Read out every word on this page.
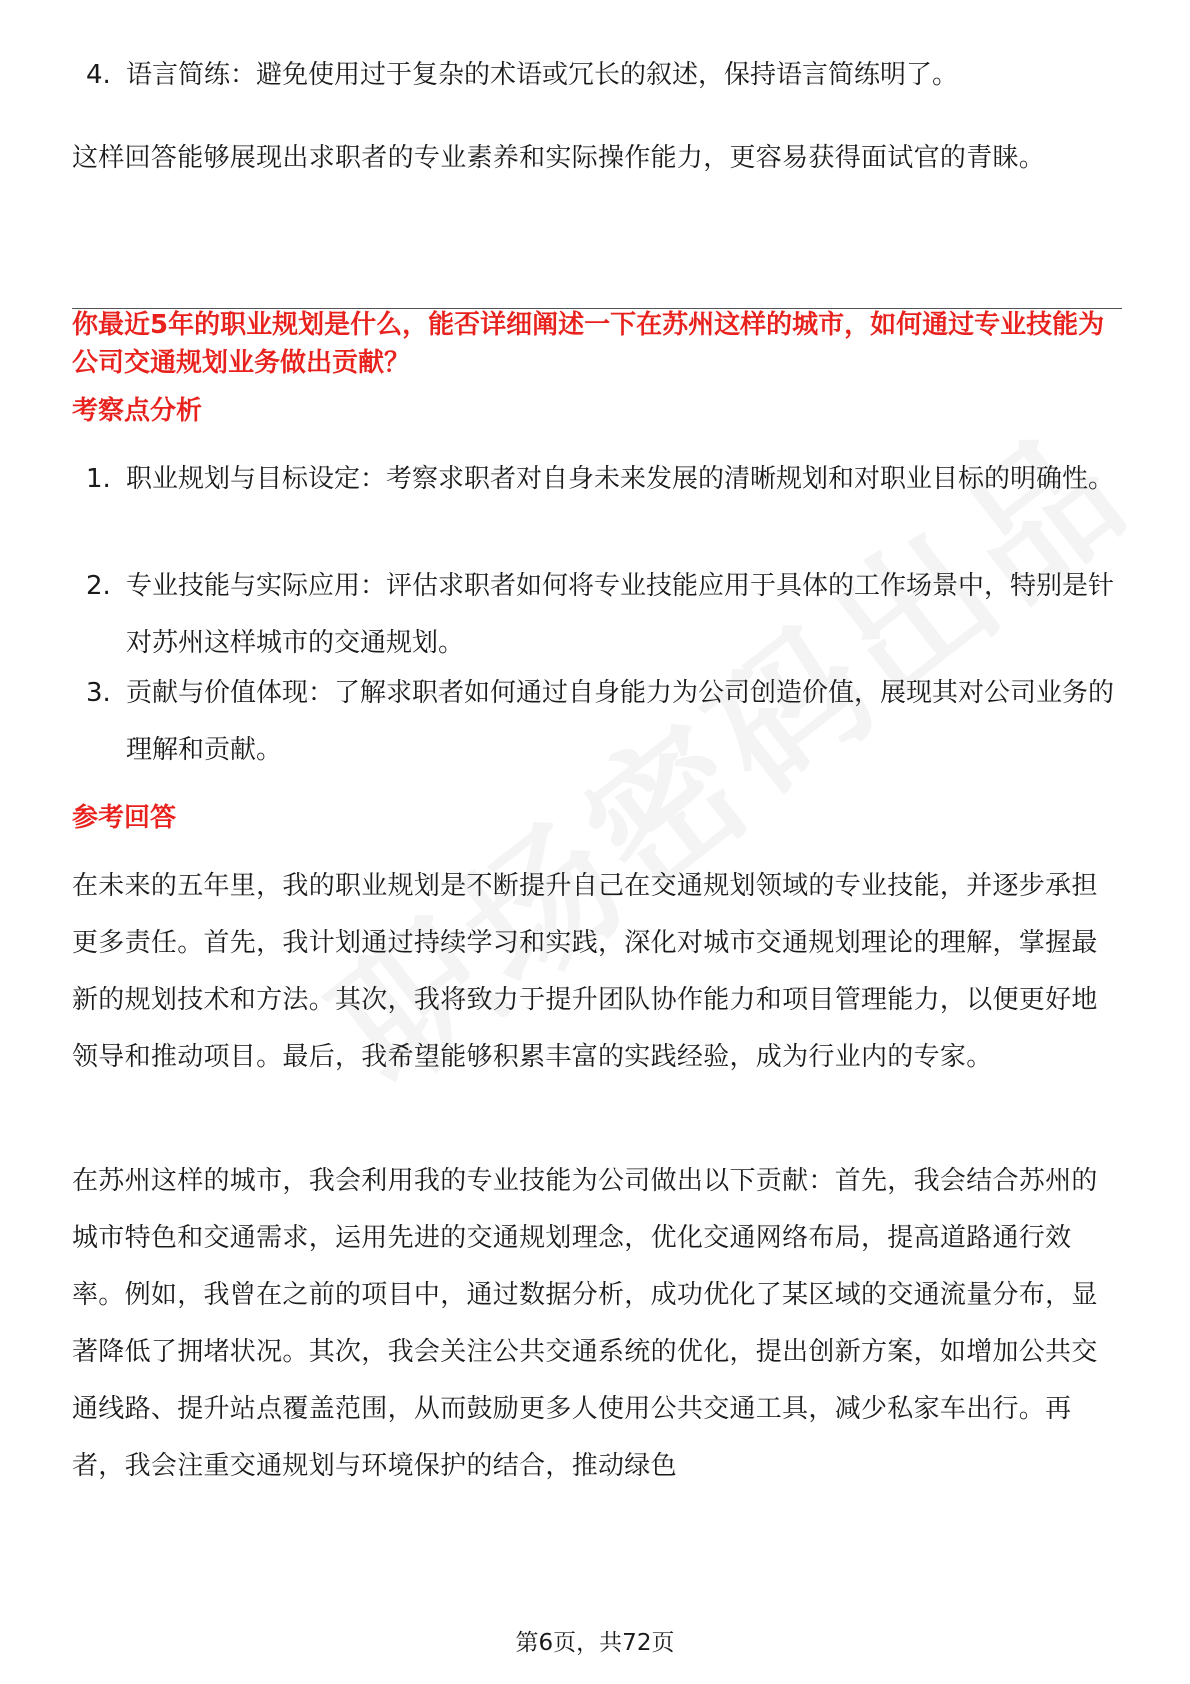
4. 语言简练：避免使用过于复杂的术语或冗长的叙述，保持语言简练明了。
这样回答能够展现出求职者的专业素养和实际操作能力，更容易获得面试官的青睐。
你最近5年的职业规划是什么，能否详细阐述一下在苏州这样的城市，如何通过专业技能为公司交通规划业务做出贡献？
考察点分析
1. 职业规划与目标设定：考察求职者对自身未来发展的清晰规划和对职业目标的明确性。
2. 专业技能与实际应用：评估求职者如何将专业技能应用于具体的工作场景中，特别是针对苏州这样城市的交通规划。
3. 贡献与价值体现：了解求职者如何通过自身能力为公司创造价值，展现其对公司业务的理解和贡献。
参考回答
在未来的五年里，我的职业规划是不断提升自己在交通规划领域的专业技能，并逐步承担更多责任。首先，我计划通过持续学习和实践，深化对城市交通规划理论的理解，掌握最新的规划技术和方法。其次，我将致力于提升团队协作能力和项目管理能力，以便更好地领导和推动项目。最后，我希望能够积累丰富的实践经验，成为行业内的专家。
在苏州这样的城市，我会利用我的专业技能为公司做出以下贡献：首先，我会结合苏州的城市特色和交通需求，运用先进的交通规划理念，优化交通网络布局，提高道路通行效率。例如，我曾在之前的项目中，通过数据分析，成功优化了某区域的交通流量分布，显著降低了拥堵状况。其次，我会关注公共交通系统的优化，提出创新方案，如增加公共交通线路、提升站点覆盖范围，从而鼓励更多人使用公共交通工具，减少私家车出行。再者，我会注重交通规划与环境保护的结合，推动绿色
第6页，共72页
